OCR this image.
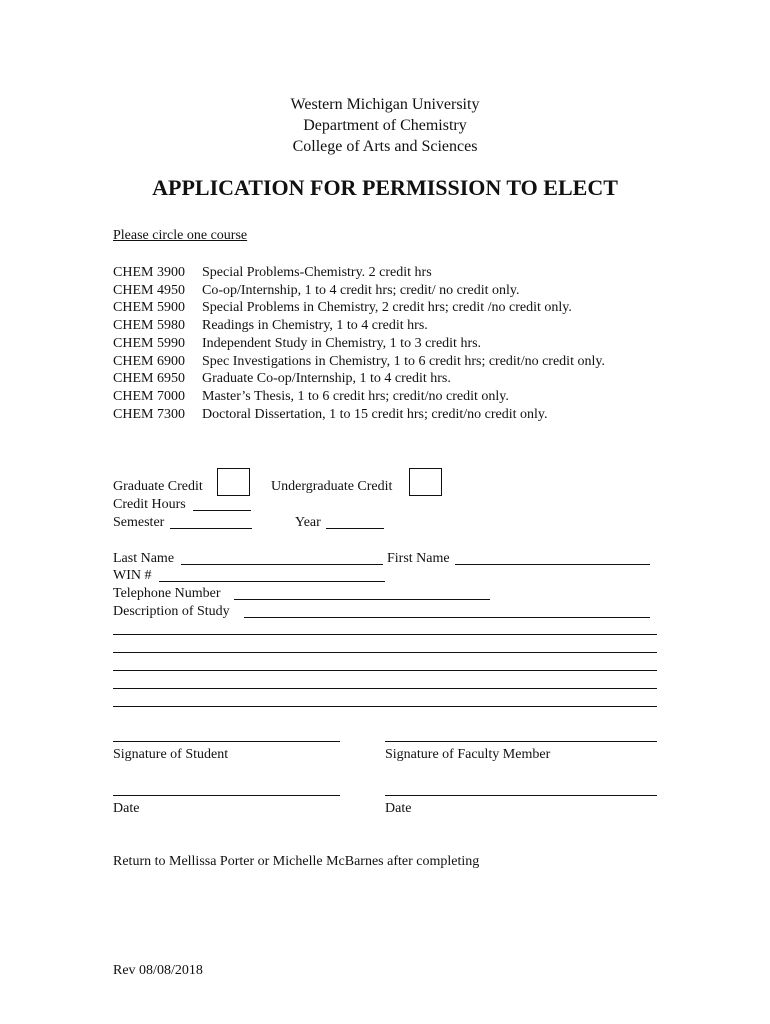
Western Michigan University
Department of Chemistry
College of Arts and Sciences
APPLICATION FOR PERMISSION TO ELECT
Please circle one course
CHEM 3900 Special Problems-Chemistry. 2 credit hrs
CHEM 4950 Co-op/Internship, 1 to 4 credit hrs; credit/ no credit only.
CHEM 5900 Special Problems in Chemistry, 2 credit hrs; credit /no credit only.
CHEM 5980 Readings in Chemistry, 1 to 4 credit hrs.
CHEM 5990 Independent Study in Chemistry, 1 to 3 credit hrs.
CHEM 6900 Spec Investigations in Chemistry, 1 to 6 credit hrs; credit/no credit only.
CHEM 6950 Graduate Co-op/Internship, 1 to 4 credit hrs.
CHEM 7000 Master’s Thesis, 1 to 6 credit hrs; credit/no credit only.
CHEM 7300 Doctoral Dissertation, 1 to 15 credit hrs; credit/no credit only.
Graduate Credit	Undergraduate Credit
Credit Hours
Semester	Year
Last Name	First Name
WIN #
Telephone Number
Description of Study
Signature of Student	Signature of Faculty Member
Date	Date
Return to Mellissa Porter or Michelle McBarnes after completing
Rev 08/08/2018
